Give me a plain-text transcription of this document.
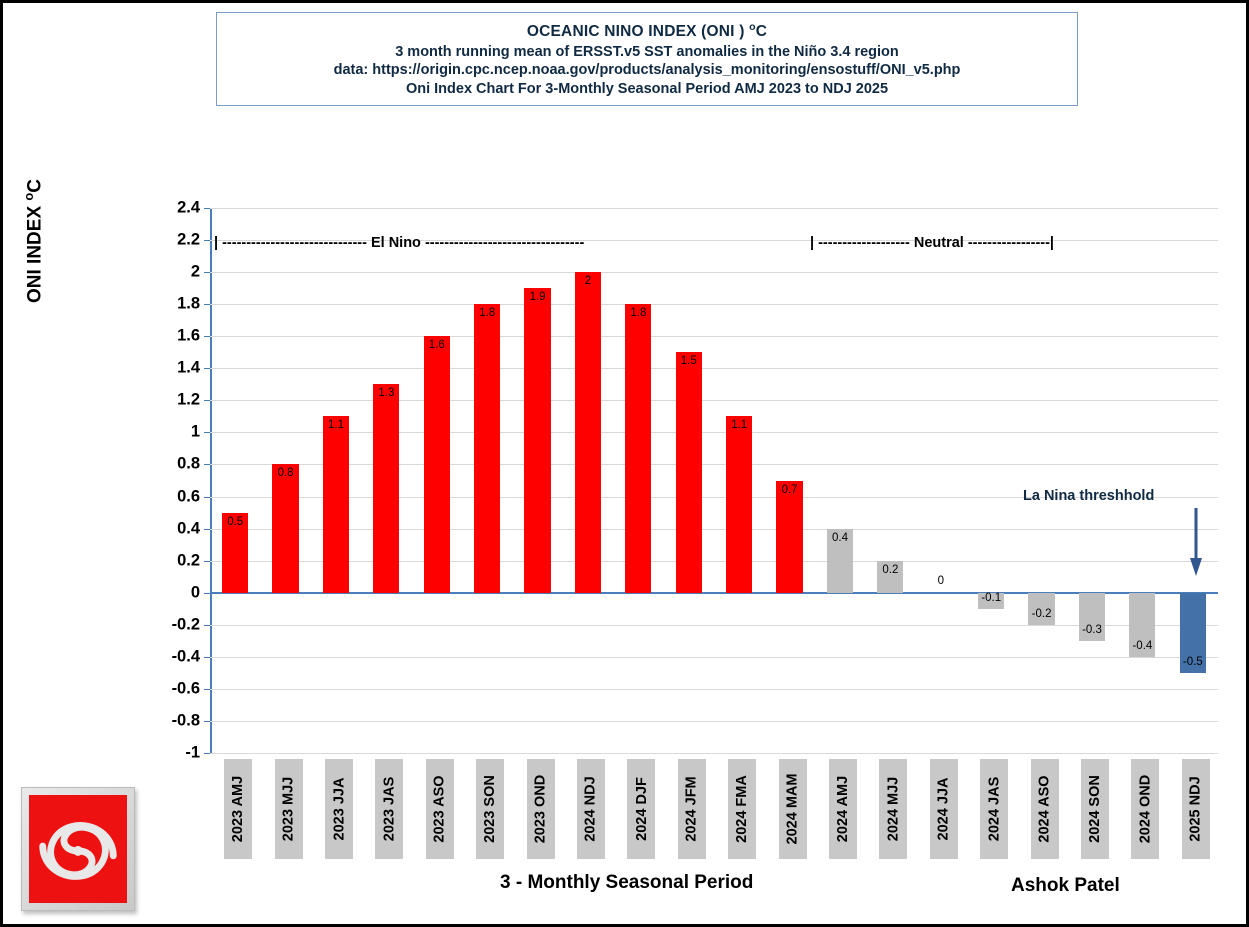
OCEANIC NINO INDEX (ONI ) $^o$C
3 month running mean of ERSST.v5 SST anomalies in the Niño 3.4 region
data: https://origin.cpc.ncep.noaa.gov/products/analysis_monitoring/ensostuff/ONI_v5.php
Oni Index Chart For 3-Monthly Seasonal Period AMJ 2023 to NDJ 2025
ONI INDEX $^o$C
2.4
2.2
2
1.8
1.6
1.4
1.2
1
0.8
0.6
0.4
0.2
0
-0.2
-0.4
-0.6
-0.8
-1
0.5
0.8
1.1
1.3
1.6
1.8
1.9
2
1.8
1.5
1.1
0.7
0.4
0.2
0
-0.1
-0.2
-0.3
-0.4
-0.5
| ------------------------------ El Nino ---------------------------------	| ------------------- Neutral -----------------|
La Nina threshhold
2023 AMJ 2023 MJJ 2023 JJA 2023 JAS 2023 ASO 2023 SON 2023 OND 2024 NDJ 2024 DJF 2024 JFM 2024 FMA 2024 MAM 2024 AMJ 2024 MJJ 2024 JJA 2024 JAS 2024 ASO 2024 SON 2024 OND 2025 NDJ
3 - Monthly Seasonal Period	Ashok Patel
